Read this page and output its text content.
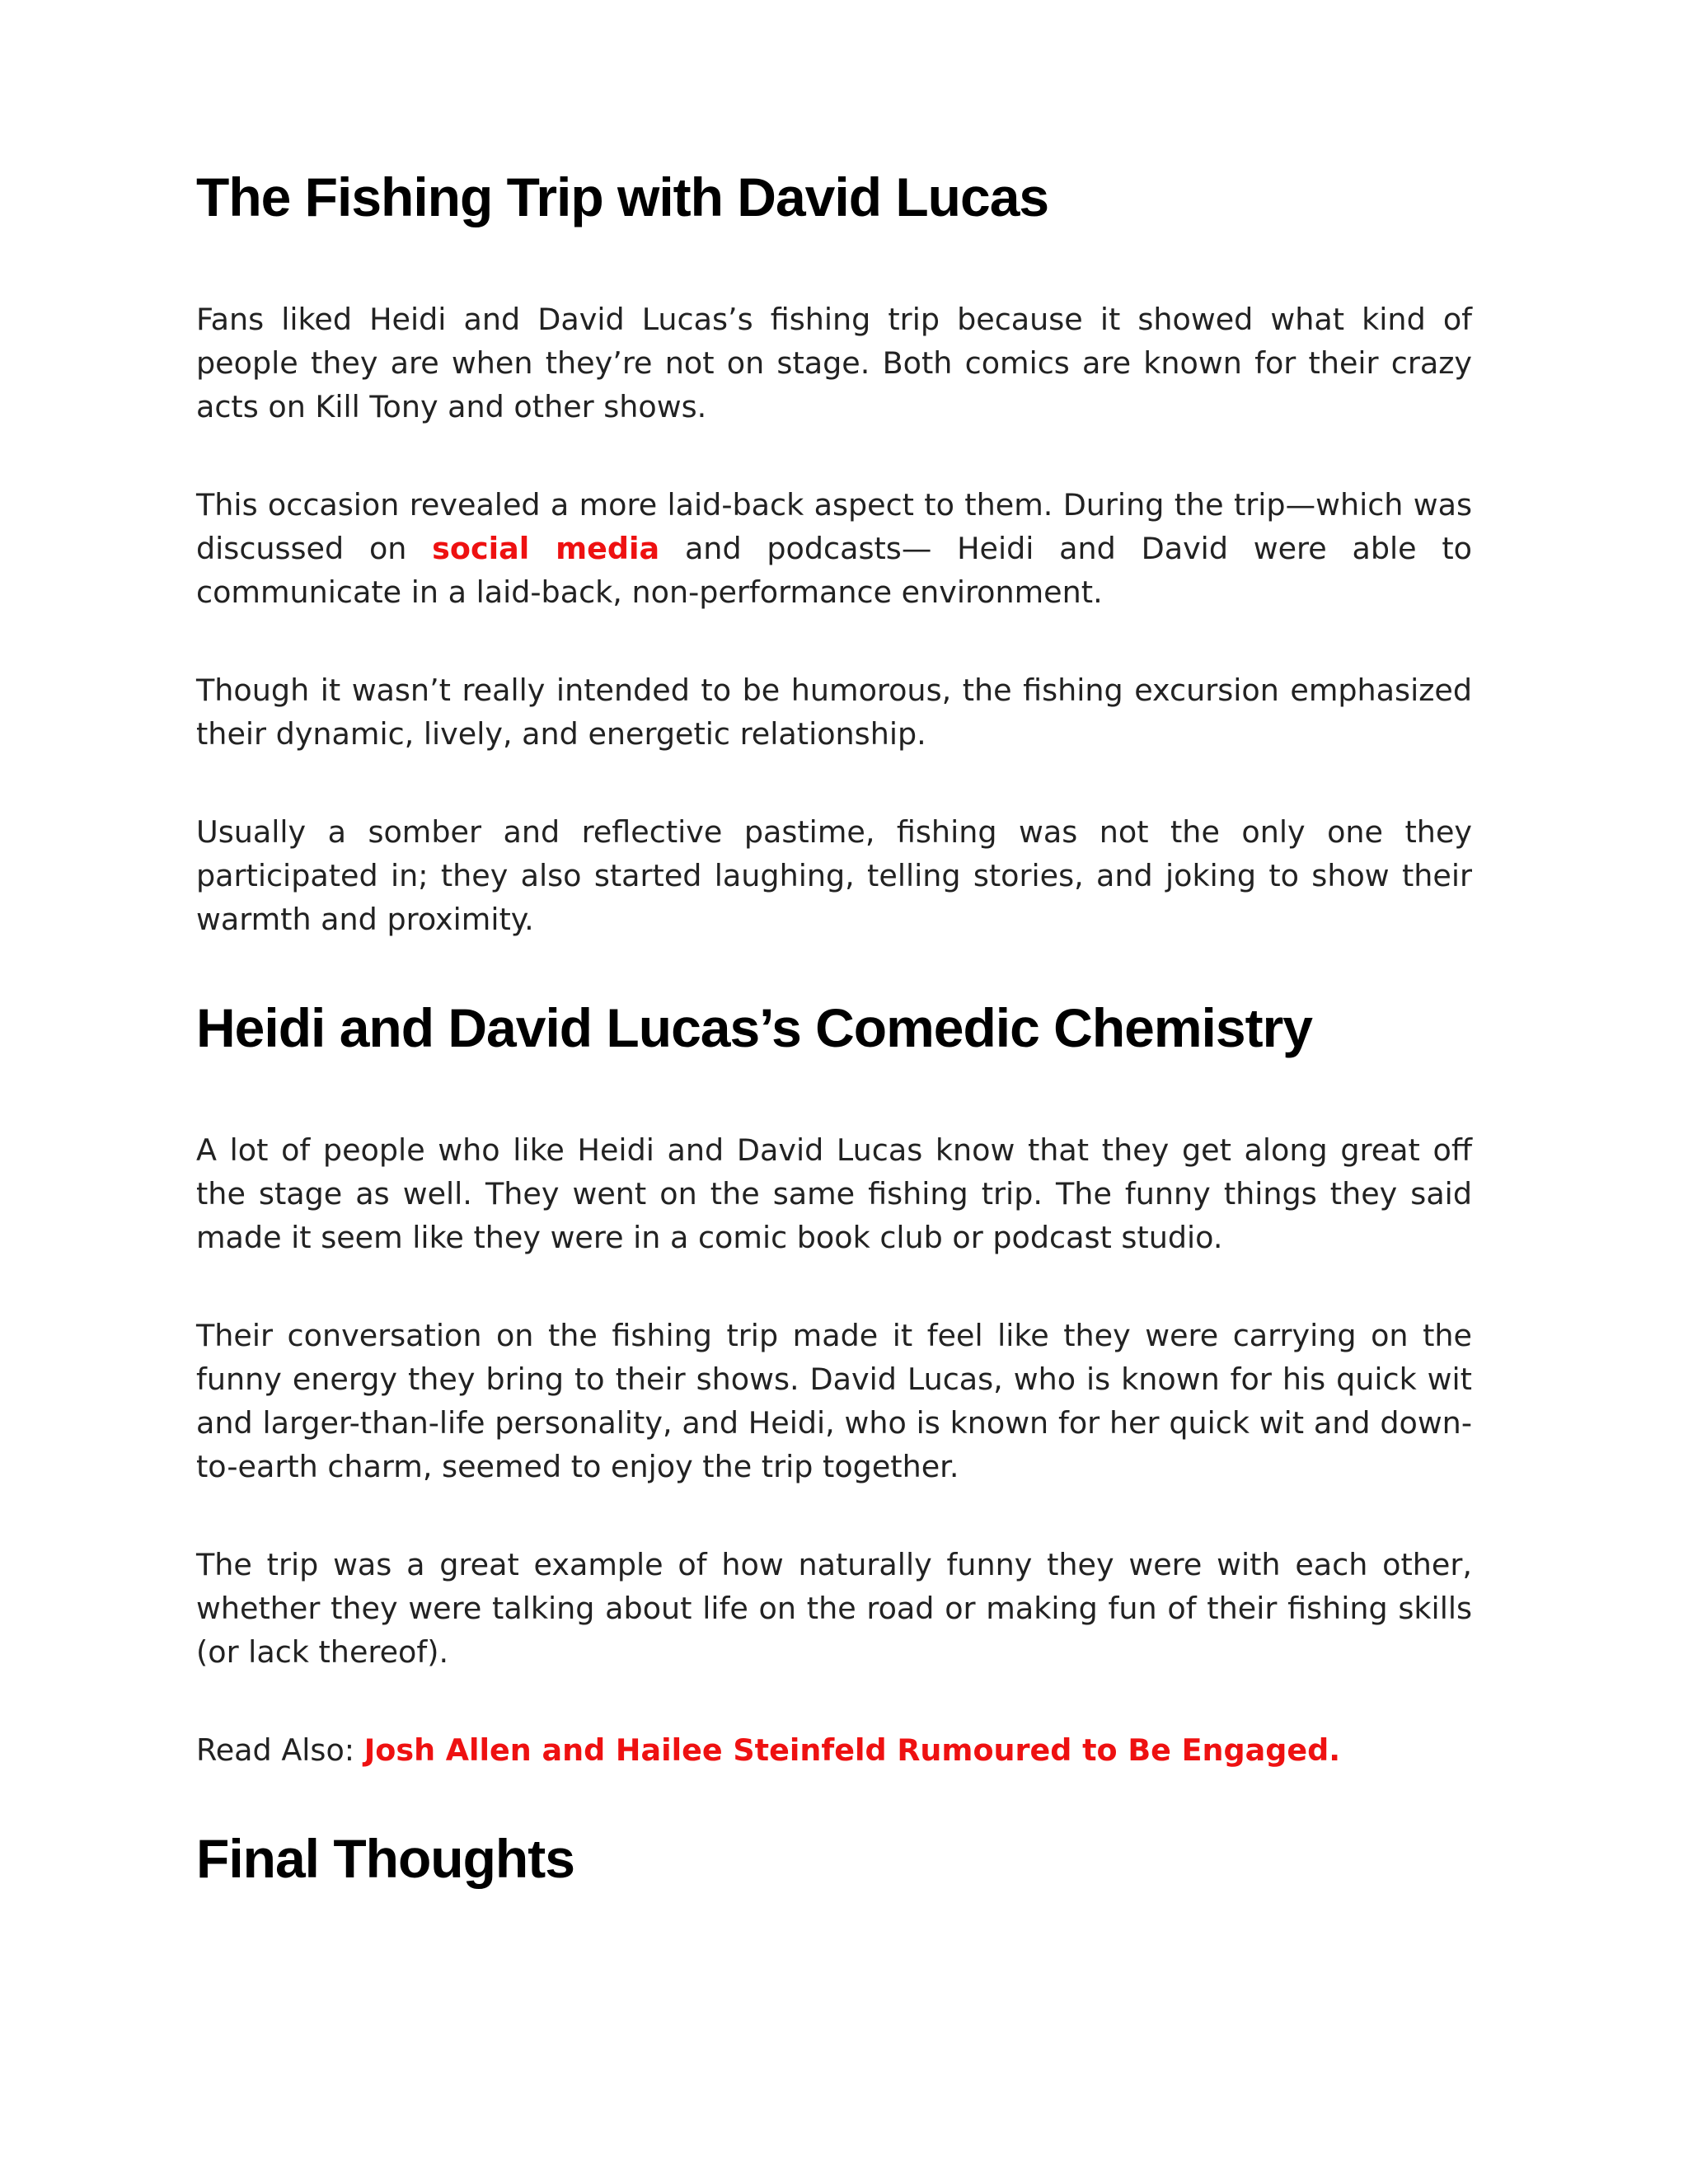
The Fishing Trip with David Lucas

Fans liked Heidi and David Lucas’s fishing trip because it showed what kind of people they are when they’re not on stage. Both comics are known for their crazy acts on Kill Tony and other shows.

This occasion revealed a more laid-back aspect to them. During the trip—which was discussed on social media and podcasts— Heidi and David were able to communicate in a laid-back, non-performance environment.

Though it wasn’t really intended to be humorous, the fishing excursion emphasized their dynamic, lively, and energetic relationship.

Usually a somber and reflective pastime, fishing was not the only one they participated in; they also started laughing, telling stories, and joking to show their warmth and proximity.

Heidi and David Lucas’s Comedic Chemistry

A lot of people who like Heidi and David Lucas know that they get along great off the stage as well. They went on the same fishing trip. The funny things they said made it seem like they were in a comic book club or podcast studio.

Their conversation on the fishing trip made it feel like they were carrying on the funny energy they bring to their shows. David Lucas, who is known for his quick wit and larger-than-life personality, and Heidi, who is known for her quick wit and down-to-earth charm, seemed to enjoy the trip together.

The trip was a great example of how naturally funny they were with each other, whether they were talking about life on the road or making fun of their fishing skills (or lack thereof).

Read Also: Josh Allen and Hailee Steinfeld Rumoured to Be Engaged.

Final Thoughts
